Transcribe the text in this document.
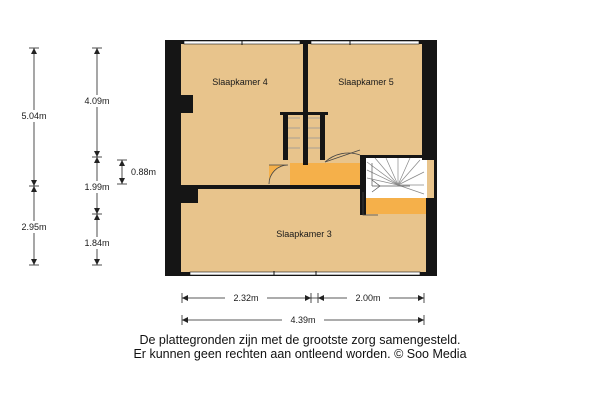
Slaapkamer 4	Slaapkamer 5
Slaapkamer 3
5.04m
2.95m
4.09m
1.99m
1.84m
0.88m
2.32m	2.00m
4.39m
De plattegronden zijn met de grootste zorg samengesteld.
Er kunnen geen rechten aan ontleend worden. © Soo Media
